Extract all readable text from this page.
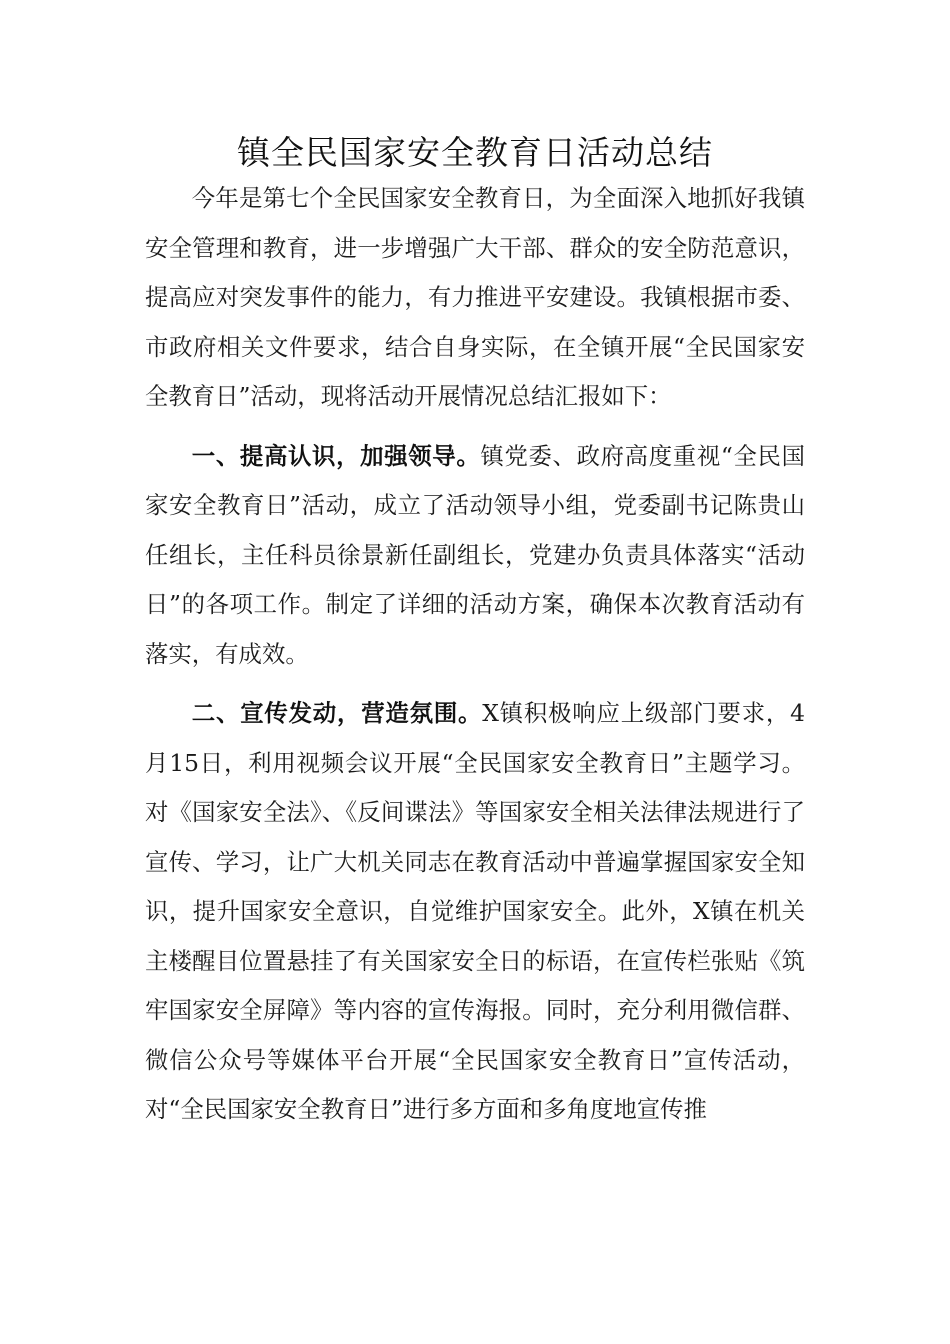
镇全民国家安全教育日活动总结

今年是第七个全民国家安全教育日，为全面深入地抓好我镇安全管理和教育，进一步增强广大干部、群众的安全防范意识，提高应对突发事件的能力，有力推进平安建设。我镇根据市委、市政府相关文件要求，结合自身实际，在全镇开展“全民国家安全教育日”活动，现将活动开展情况总结汇报如下：

一、提高认识，加强领导。镇党委、政府高度重视“全民国家安全教育日”活动，成立了活动领导小组，党委副书记陈贵山任组长，主任科员徐景新任副组长，党建办负责具体落实“活动日”的各项工作。制定了详细的活动方案，确保本次教育活动有落实，有成效。

二、宣传发动，营造氛围。X镇积极响应上级部门要求，4月15日，利用视频会议开展“全民国家安全教育日”主题学习。对《国家安全法》、《反间谍法》等国家安全相关法律法规进行了宣传、学习，让广大机关同志在教育活动中普遍掌握国家安全知识，提升国家安全意识，自觉维护国家安全。此外，X镇在机关主楼醒目位置悬挂了有关国家安全日的标语，在宣传栏张贴《筑牢国家安全屏障》等内容的宣传海报。同时，充分利用微信群、微信公众号等媒体平台开展“全民国家安全教育日”宣传活动，对“全民国家安全教育日”进行多方面和多角度地宣传推
